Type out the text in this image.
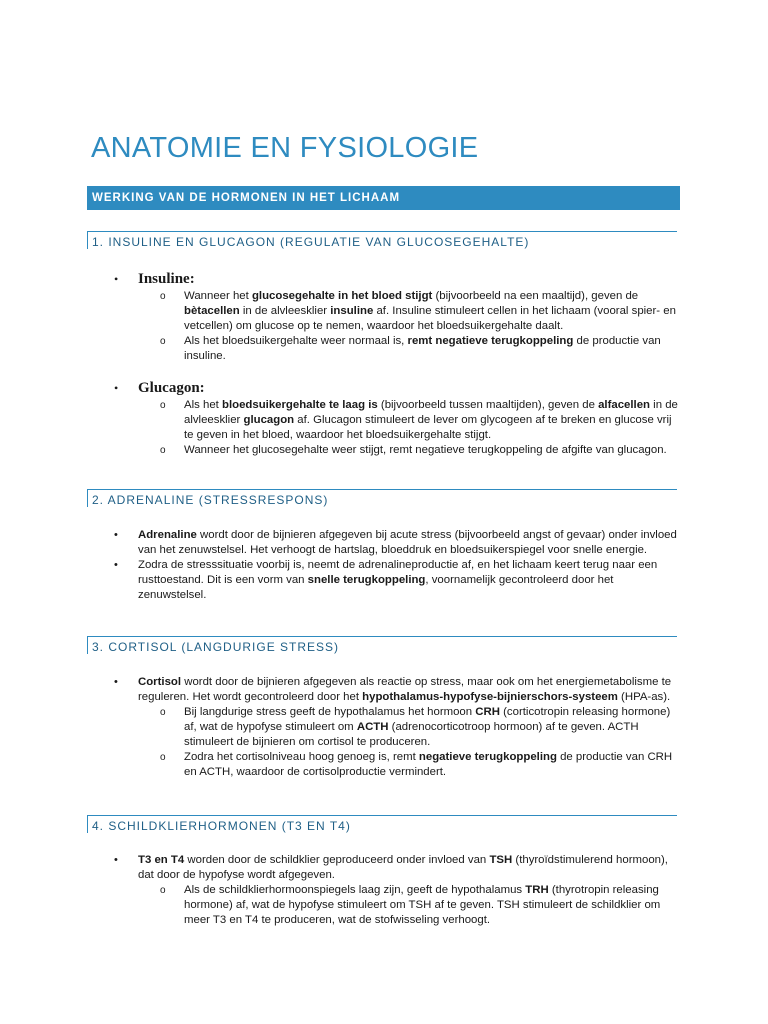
ANATOMIE EN FYSIOLOGIE
WERKING VAN DE HORMONEN IN HET LICHAAM
1. INSULINE EN GLUCAGON (REGULATIE VAN GLUCOSEGEHALTE)
• Insuline:
o Wanneer het glucosegehalte in het bloed stijgt (bijvoorbeeld na een maaltijd), geven de bètacellen in de alvleesklier insuline af. Insuline stimuleert cellen in het lichaam (vooral spier- en vetcellen) om glucose op te nemen, waardoor het bloedsuikergehalte daalt.
o Als het bloedsuikergehalte weer normaal is, remt negatieve terugkoppeling de productie van insuline.
• Glucagon:
o Als het bloedsuikergehalte te laag is (bijvoorbeeld tussen maaltijden), geven de alfacellen in de alvleesklier glucagon af. Glucagon stimuleert de lever om glycogeen af te breken en glucose vrij te geven in het bloed, waardoor het bloedsuikergehalte stijgt.
o Wanneer het glucosegehalte weer stijgt, remt negatieve terugkoppeling de afgifte van glucagon.
2. ADRENALINE (STRESSRESPONS)
• Adrenaline wordt door de bijnieren afgegeven bij acute stress (bijvoorbeeld angst of gevaar) onder invloed van het zenuwstelsel. Het verhoogt de hartslag, bloeddruk en bloedsuikerspiegel voor snelle energie.
• Zodra de stresssituatie voorbij is, neemt de adrenalineproductie af, en het lichaam keert terug naar een rusttoestand. Dit is een vorm van snelle terugkoppeling, voornamelijk gecontroleerd door het zenuwstelsel.
3. CORTISOL (LANGDURIGE STRESS)
• Cortisol wordt door de bijnieren afgegeven als reactie op stress, maar ook om het energiemetabolisme te reguleren. Het wordt gecontroleerd door het hypothalamus-hypofyse-bijnierschors-systeem (HPA-as).
o Bij langdurige stress geeft de hypothalamus het hormoon CRH (corticotropin releasing hormone) af, wat de hypofyse stimuleert om ACTH (adrenocorticotroop hormoon) af te geven. ACTH stimuleert de bijnieren om cortisol te produceren.
o Zodra het cortisolniveau hoog genoeg is, remt negatieve terugkoppeling de productie van CRH en ACTH, waardoor de cortisolproductie vermindert.
4. SCHILDKLIERHORMONEN (T3 EN T4)
• T3 en T4 worden door de schildklier geproduceerd onder invloed van TSH (thyroïdstimulerend hormoon), dat door de hypofyse wordt afgegeven.
o Als de schildklierhormoonspiegels laag zijn, geeft de hypothalamus TRH (thyrotropin releasing hormone) af, wat de hypofyse stimuleert om TSH af te geven. TSH stimuleert de schildklier om meer T3 en T4 te produceren, wat de stofwisseling verhoogt.
